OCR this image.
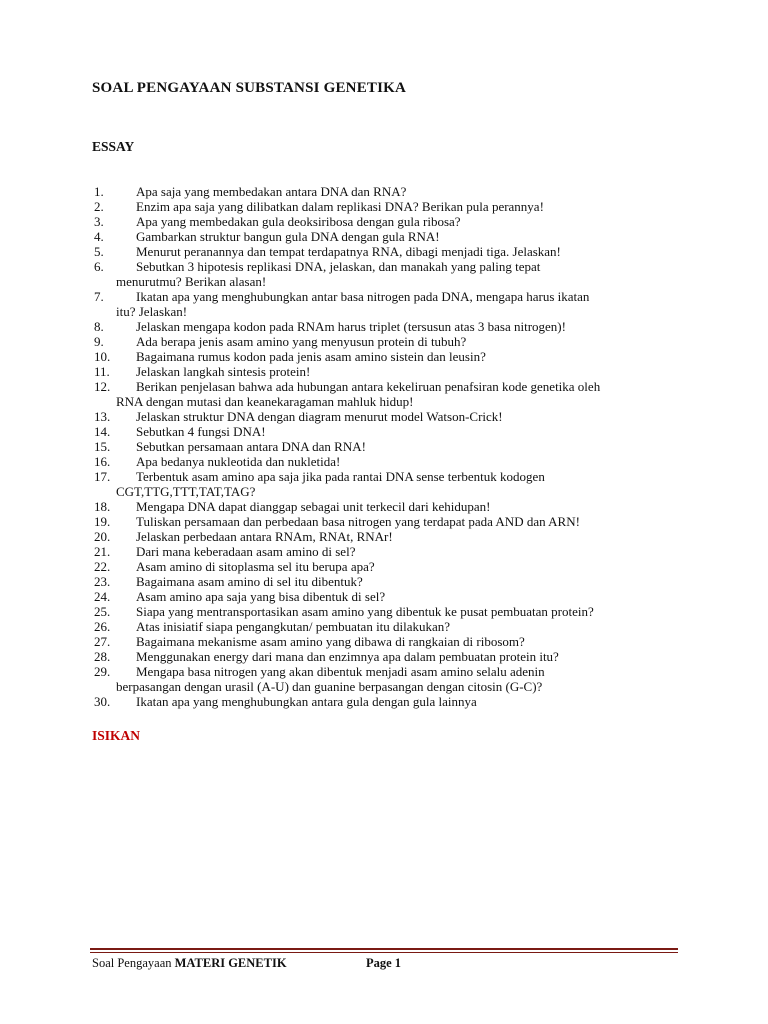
SOAL PENGAYAAN SUBSTANSI GENETIKA
ESSAY
1.	Apa saja yang membedakan antara DNA dan RNA?
2.	Enzim apa saja yang dilibatkan dalam replikasi DNA? Berikan pula perannya!
3.	Apa yang membedakan gula deoksiribosa dengan gula ribosa?
4.	Gambarkan struktur bangun gula DNA dengan gula RNA!
5.	Menurut peranannya dan tempat terdapatnya RNA, dibagi menjadi tiga. Jelaskan!
6.	Sebutkan 3 hipotesis replikasi DNA, jelaskan, dan manakah yang paling tepat
menurutmu? Berikan alasan!
7.	Ikatan apa yang menghubungkan antar basa nitrogen pada DNA, mengapa harus ikatan
itu? Jelaskan!
8.	Jelaskan mengapa kodon pada RNAm harus triplet (tersusun atas 3 basa nitrogen)!
9.	Ada berapa jenis asam amino yang menyusun protein di tubuh?
10.	Bagaimana rumus kodon pada jenis asam amino sistein dan leusin?
11.	Jelaskan langkah sintesis protein!
12.	Berikan penjelasan bahwa ada hubungan antara kekeliruan penafsiran kode genetika oleh
RNA dengan mutasi dan keanekaragaman mahluk hidup!
13.	Jelaskan struktur DNA dengan diagram menurut model Watson-Crick!
14.	Sebutkan 4 fungsi DNA!
15.	Sebutkan persamaan antara DNA dan RNA!
16.	Apa bedanya nukleotida dan nukletida!
17.	Terbentuk asam amino apa saja jika pada rantai DNA sense terbentuk kodogen
CGT,TTG,TTT,TAT,TAG?
18.	Mengapa DNA dapat dianggap sebagai unit terkecil dari kehidupan!
19.	Tuliskan persamaan dan perbedaan basa nitrogen yang terdapat pada AND dan ARN!
20.	Jelaskan perbedaan antara RNAm, RNAt, RNAr!
21.	Dari mana keberadaan asam amino di sel?
22.	Asam amino di sitoplasma sel itu berupa apa?
23.	Bagaimana asam amino di sel itu dibentuk?
24.	Asam amino apa saja yang bisa dibentuk di sel?
25.	Siapa yang mentransportasikan asam amino yang dibentuk ke pusat pembuatan protein?
26.	Atas inisiatif siapa pengangkutan/ pembuatan itu dilakukan?
27.	Bagaimana mekanisme asam amino yang dibawa di rangkaian di ribosom?
28.	Menggunakan energy dari mana dan enzimnya apa dalam pembuatan protein itu?
29.	Mengapa basa nitrogen yang akan dibentuk menjadi asam amino selalu adenin
berpasangan dengan urasil (A-U) dan guanine berpasangan dengan citosin (G-C)?
30.	Ikatan apa yang menghubungkan antara gula dengan gula lainnya
ISIKAN
Soal Pengayaan MATERI GENETIK	Page 1
